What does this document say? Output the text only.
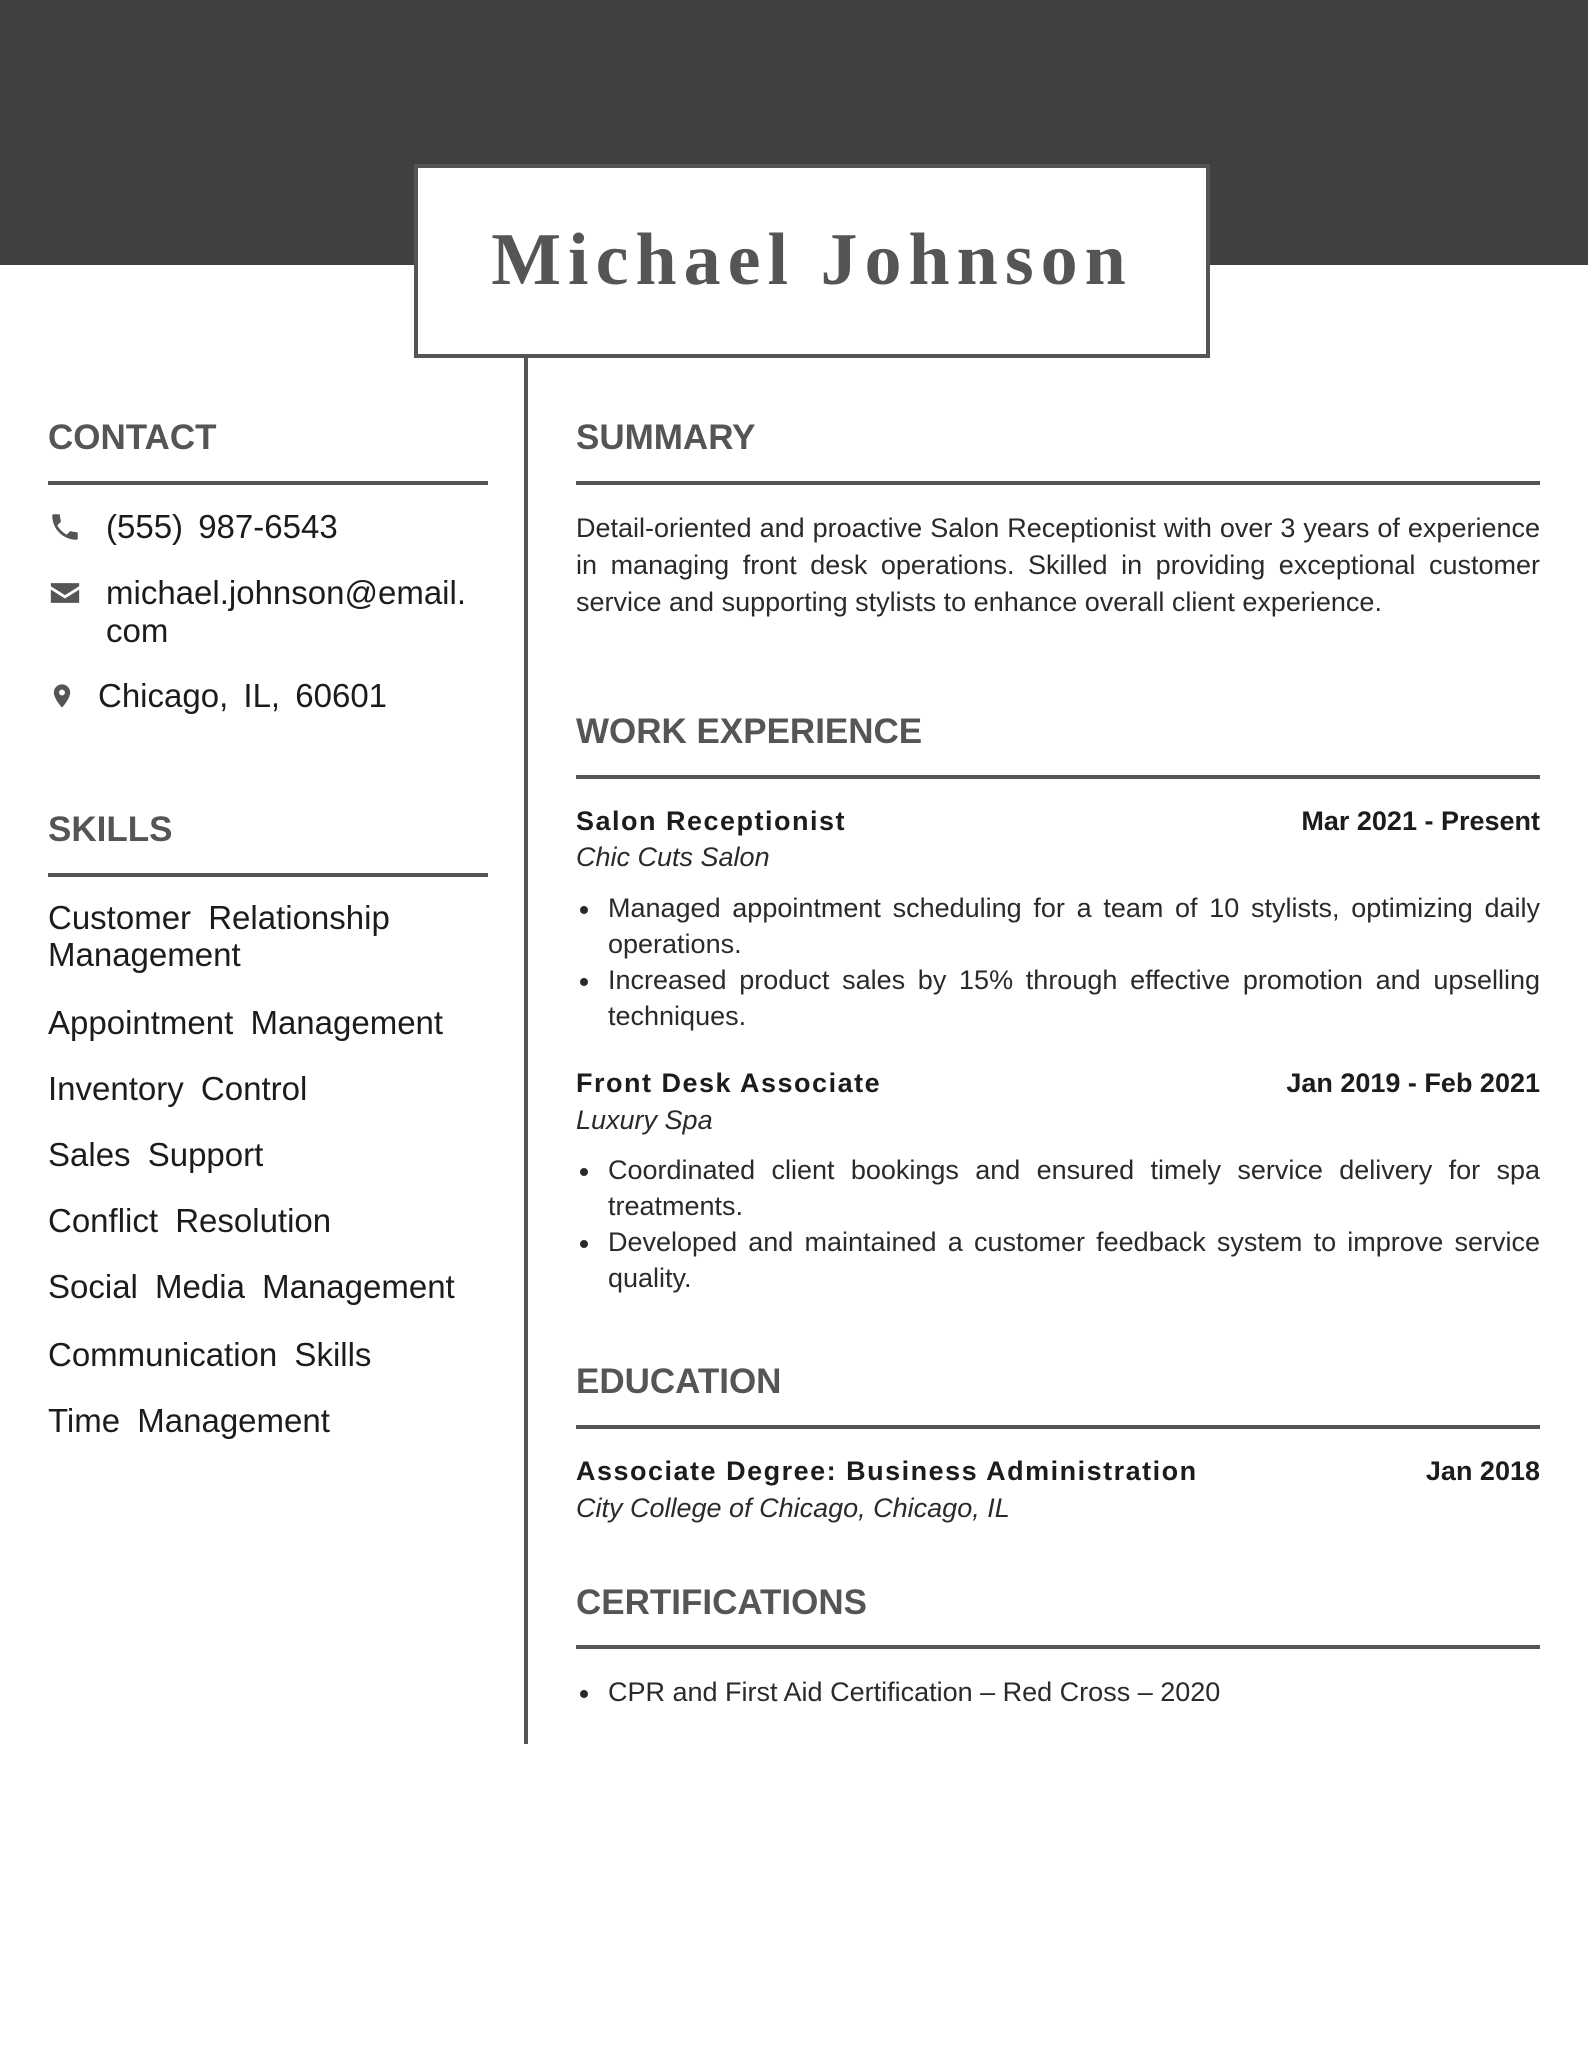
Michael Johnson
CONTACT
(555) 987-6543
michael.johnson@email.
com
Chicago, IL, 60601
SKILLS
Customer Relationship Management
Appointment Management
Inventory Control
Sales Support
Conflict Resolution
Social Media Management
Communication Skills
Time Management
SUMMARY
Detail-oriented and proactive Salon Receptionist with over 3 years of experience in managing front desk operations. Skilled in providing exceptional customer service and supporting stylists to enhance overall client experience.
WORK EXPERIENCE
Salon Receptionist	Mar 2021 - Present
Chic Cuts Salon
Managed appointment scheduling for a team of 10 stylists, optimizing daily operations.
Increased product sales by 15% through effective promotion and upselling techniques.
Front Desk Associate	Jan 2019 - Feb 2021
Luxury Spa
Coordinated client bookings and ensured timely service delivery for spa treatments.
Developed and maintained a customer feedback system to improve service quality.
EDUCATION
Associate Degree: Business Administration	Jan 2018
City College of Chicago, Chicago, IL
CERTIFICATIONS
CPR and First Aid Certification – Red Cross – 2020
